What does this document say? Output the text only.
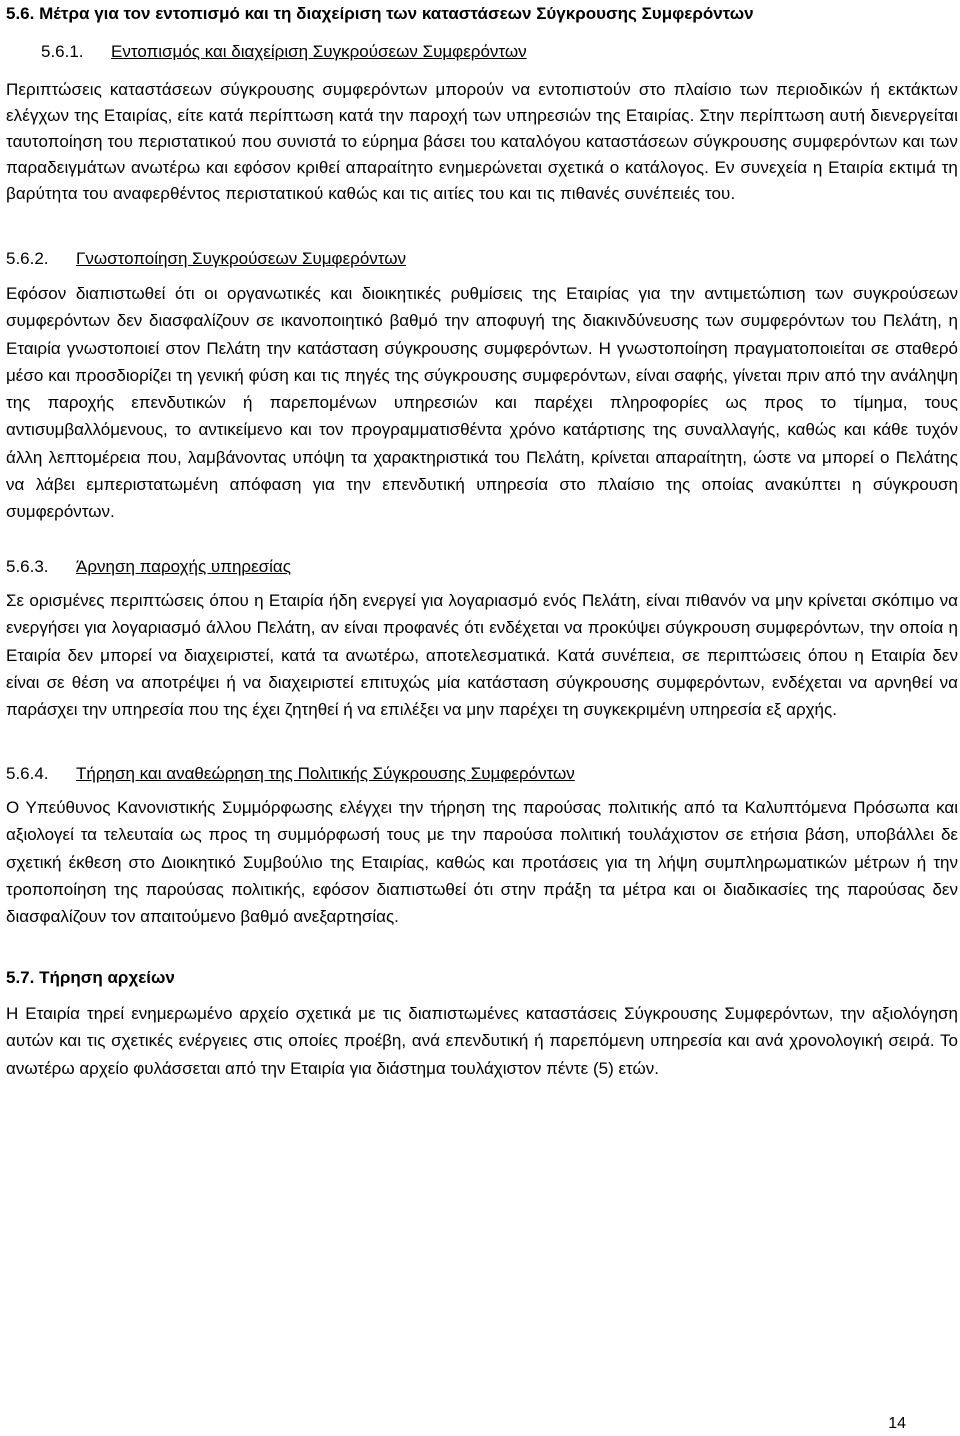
5.6. Μέτρα για τον εντοπισμό και τη διαχείριση των καταστάσεων Σύγκρουσης Συμφερόντων
5.6.1. Εντοπισμός και διαχείριση Συγκρούσεων Συμφερόντων

Περιπτώσεις καταστάσεων σύγκρουσης συμφερόντων μπορούν να εντοπιστούν στο πλαίσιο των περιοδικών ή εκτάκτων ελέγχων της Εταιρίας, είτε κατά περίπτωση κατά την παροχή των υπηρεσιών της Εταιρίας. Στην περίπτωση αυτή διενεργείται ταυτοποίηση του περιστατικού που συνιστά το εύρημα βάσει του καταλόγου καταστάσεων σύγκρουσης συμφερόντων και των παραδειγμάτων ανωτέρω και εφόσον κριθεί απαραίτητο ενημερώνεται σχετικά ο κατάλογος. Εν συνεχεία η Εταιρία εκτιμά τη βαρύτητα του αναφερθέντος περιστατικού καθώς και τις αιτίες του και τις πιθανές συνέπειές του.

5.6.2. Γνωστοποίηση Συγκρούσεων Συμφερόντων

Εφόσον διαπιστωθεί ότι οι οργανωτικές και διοικητικές ρυθμίσεις της Εταιρίας για την αντιμετώπιση των συγκρούσεων συμφερόντων δεν διασφαλίζουν σε ικανοποιητικό βαθμό την αποφυγή της διακινδύνευσης των συμφερόντων του Πελάτη, η Εταιρία γνωστοποιεί στον Πελάτη την κατάσταση σύγκρουσης συμφερόντων. Η γνωστοποίηση πραγματοποιείται σε σταθερό μέσο και προσδιορίζει τη γενική φύση και τις πηγές της σύγκρουσης συμφερόντων, είναι σαφής, γίνεται πριν από την ανάληψη της παροχής επενδυτικών ή παρεπομένων υπηρεσιών και παρέχει πληροφορίες ως προς το τίμημα, τους αντισυμβαλλόμενους, το αντικείμενο και τον προγραμματισθέντα χρόνο κατάρτισης της συναλλαγής, καθώς και κάθε τυχόν άλλη λεπτομέρεια που, λαμβάνοντας υπόψη τα χαρακτηριστικά του Πελάτη, κρίνεται απαραίτητη, ώστε να μπορεί ο Πελάτης να λάβει εμπεριστατωμένη απόφαση για την επενδυτική υπηρεσία στο πλαίσιο της οποίας ανακύπτει η σύγκρουση συμφερόντων.

5.6.3. Άρνηση παροχής υπηρεσίας

Σε ορισμένες περιπτώσεις όπου η Εταιρία ήδη ενεργεί για λογαριασμό ενός Πελάτη, είναι πιθανόν να μην κρίνεται σκόπιμο να ενεργήσει για λογαριασμό άλλου Πελάτη, αν είναι προφανές ότι ενδέχεται να προκύψει σύγκρουση συμφερόντων, την οποία η Εταιρία δεν μπορεί να διαχειριστεί, κατά τα ανωτέρω, αποτελεσματικά. Κατά συνέπεια, σε περιπτώσεις όπου η Εταιρία δεν είναι σε θέση να αποτρέψει ή να διαχειριστεί επιτυχώς μία κατάσταση σύγκρουσης συμφερόντων, ενδέχεται να αρνηθεί να παράσχει την υπηρεσία που της έχει ζητηθεί ή να επιλέξει να μην παρέχει τη συγκεκριμένη υπηρεσία εξ αρχής.

5.6.4. Τήρηση και αναθεώρηση της Πολιτικής Σύγκρουσης Συμφερόντων

Ο Υπεύθυνος Κανονιστικής Συμμόρφωσης ελέγχει την τήρηση της παρούσας πολιτικής από τα Καλυπτόμενα Πρόσωπα και αξιολογεί τα τελευταία ως προς τη συμμόρφωσή τους με την παρούσα πολιτική τουλάχιστον σε ετήσια βάση, υποβάλλει δε σχετική έκθεση στο Διοικητικό Συμβούλιο της Εταιρίας, καθώς και προτάσεις για τη λήψη συμπληρωματικών μέτρων ή την τροποποίηση της παρούσας πολιτικής, εφόσον διαπιστωθεί ότι στην πράξη τα μέτρα και οι διαδικασίες της παρούσας δεν διασφαλίζουν τον απαιτούμενο βαθμό ανεξαρτησίας.

5.7. Τήρηση αρχείων

Η Εταιρία τηρεί ενημερωμένο αρχείο σχετικά με τις διαπιστωμένες καταστάσεις Σύγκρουσης Συμφερόντων, την αξιολόγηση αυτών και τις σχετικές ενέργειες στις οποίες προέβη, ανά επενδυτική ή παρεπόμενη υπηρεσία και ανά χρονολογική σειρά. Το ανωτέρω αρχείο φυλάσσεται από την Εταιρία για διάστημα τουλάχιστον πέντε (5) ετών.

14
